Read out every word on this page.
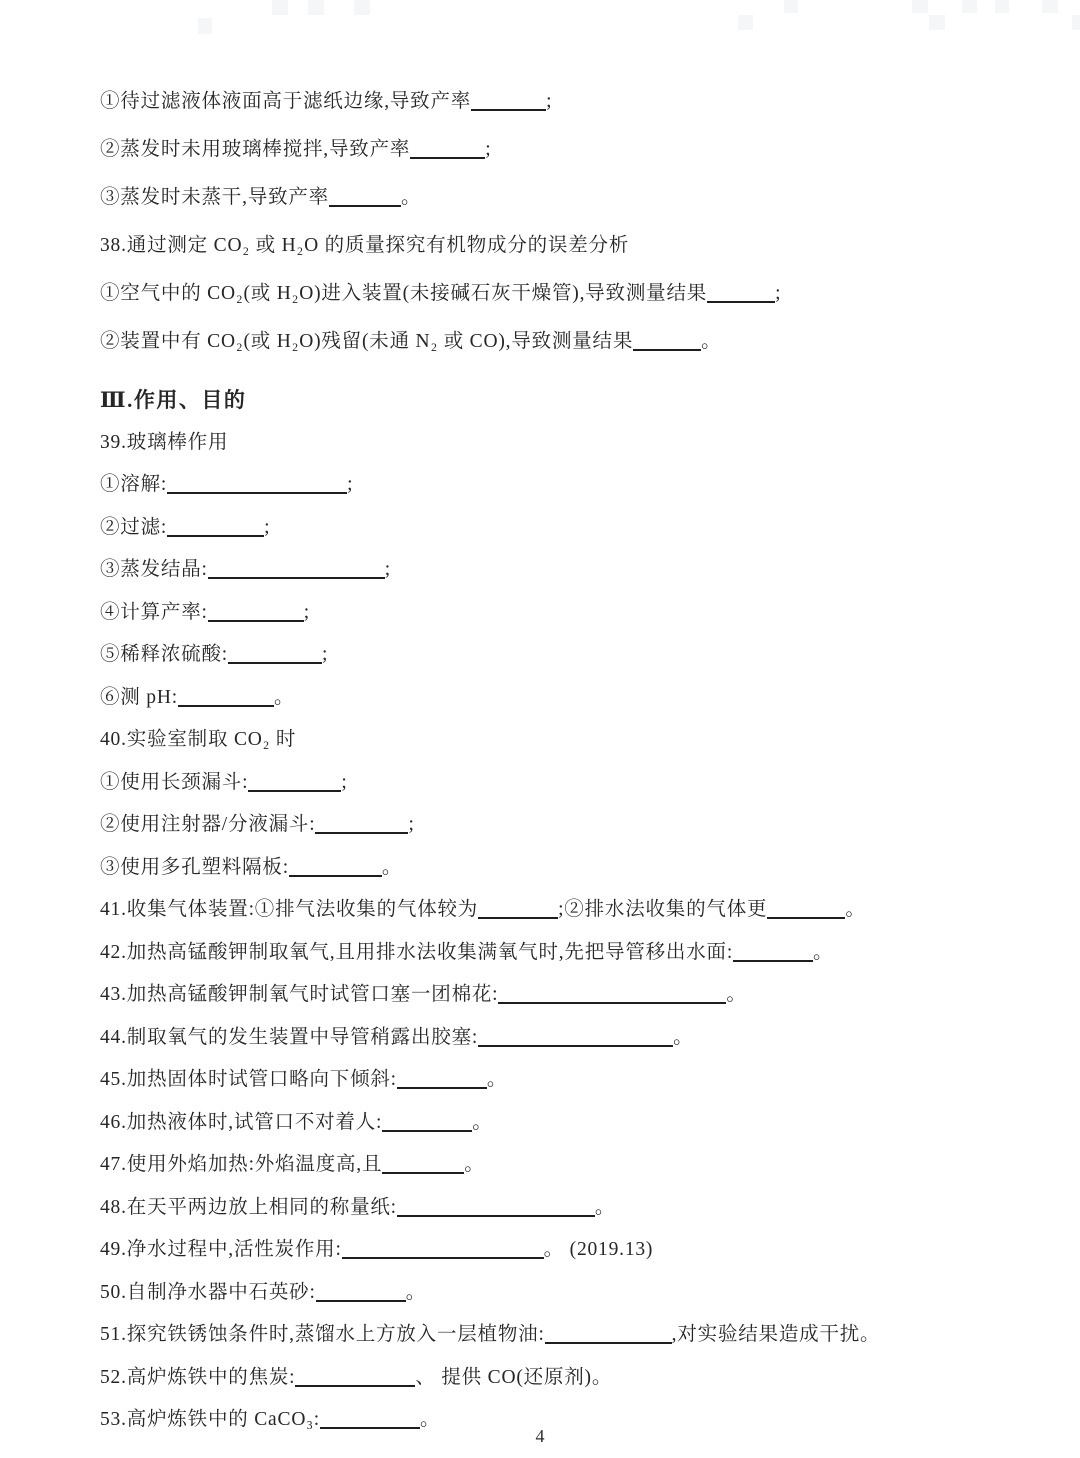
①待过滤液体液面高于滤纸边缘,导致产率	;
②蒸发时未用玻璃棒搅拌,导致产率	;
③蒸发时未蒸干,导致产率	。
38.通过测定 CO₂ 或 H₂O 的质量探究有机物成分的误差分析
①空气中的 CO₂(或 H₂O)进入装置(未接碱石灰干燥管),导致测量结果	;
②装置中有 CO₂(或 H₂O)残留(未通 N₂ 或 CO),导致测量结果	。
Ⅲ.作用、目的
39.玻璃棒作用
①溶解:	;
②过滤:	;
③蒸发结晶:	;
④计算产率:	;
⑤稀释浓硫酸:	;
⑥测 pH:	。
40.实验室制取 CO₂ 时
①使用长颈漏斗:	;
②使用注射器/分液漏斗:	;
③使用多孔塑料隔板:	。
41.收集气体装置:①排气法收集的气体较为	;②排水法收集的气体更	。
42.加热高锰酸钾制取氧气,且用排水法收集满氧气时,先把导管移出水面:	。
43.加热高锰酸钾制氧气时试管口塞一团棉花:	。
44.制取氧气的发生装置中导管稍露出胶塞:	。
45.加热固体时试管口略向下倾斜:	。
46.加热液体时,试管口不对着人:	。
47.使用外焰加热:外焰温度高,且	。
48.在天平两边放上相同的称量纸:	。
49.净水过程中,活性炭作用:	。 (2019.13)
50.自制净水器中石英砂:	。
51.探究铁锈蚀条件时,蒸馏水上方放入一层植物油:	,对实验结果造成干扰。
52.高炉炼铁中的焦炭:	、 提供 CO(还原剂)。
53.高炉炼铁中的 CaCO₃:	。
4
